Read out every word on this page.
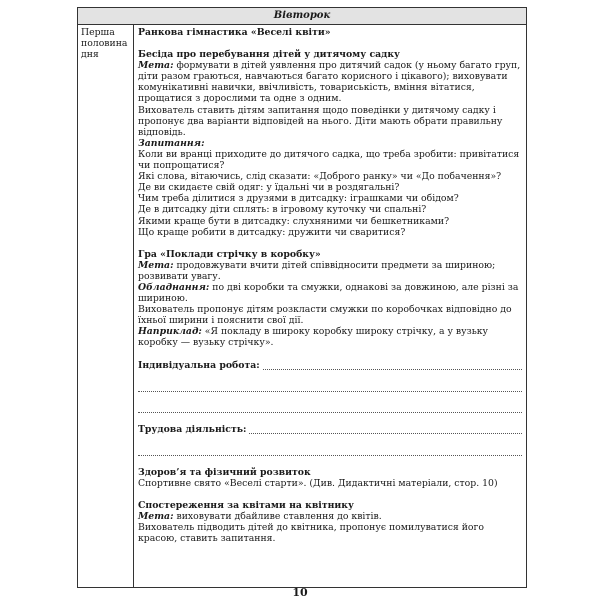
Вівторок
Перша половина дня

Ранкова гімнастика «Веселі квіти»

Бесіда про перебування дітей у дитячому садку

Мета: формувати в дітей уявлення про дитячий садок (у ньому багато груп, діти разом граються, навчаються багато корисного і цікавого); виховувати комунікативні навички, ввічливість, товариськість, вміння вітатися, прощатися з дорослими та одне з одним.

Вихователь ставить дітям запитання щодо поведінки у дитячому садку і пропонує два варіанти відповідей на нього. Діти мають обрати правильну відповідь.

Запитання:

Коли ви вранці приходите до дитячого садка, що треба зробити: привітатися чи попрощатися?

Які слова, вітаючись, слід сказати: «Доброго ранку» чи «До побачення»?

Де ви скидаєте свій одяг: у їдальні чи в роздягальні?

Чим треба ділитися з друзями в дитсадку: іграшками чи обідом?

Де в дитсадку діти сплять: в ігровому куточку чи спальні?

Якими краще бути в дитсадку: слухняними чи бешкетниками?

Що краще робити в дитсадку: дружити чи сваритися?

Гра «Поклади стрічку в коробку»

Мета: продовжувати вчити дітей співвідносити предмети за шириною; розвивати увагу.

Обладнання: по дві коробки та смужки, однакові за довжиною, але різні за шириною.

Вихователь пропонує дітям розкласти смужки по коробочках відповідно до їхньої ширини і пояснити свої дії.

Наприклад: «Я покладу в широку коробку широку стрічку, а у вузьку коробку — вузьку стрічку».

Індивідуальна робота:
Трудова діяльність:

Здоров’я та фізичний розвиток

Спортивне свято «Веселі старти». (Див. Дидактичні матеріали, стор. 10)

Спостереження за квітами на квітнику

Мета: виховувати дбайливе ставлення до квітів.

Вихователь підводить дітей до квітника, пропонує помилуватися його красою, ставить запитання.

10
